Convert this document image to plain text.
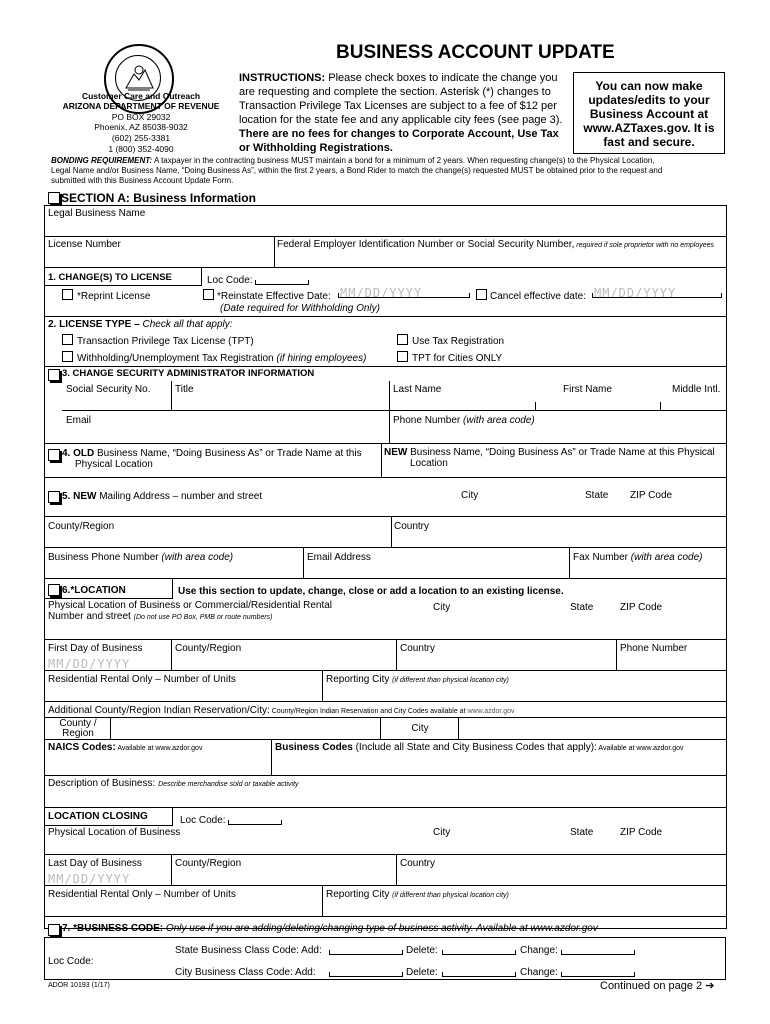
BUSINESS ACCOUNT UPDATE
Customer Care and Outreach
ARIZONA DEPARTMENT OF REVENUE
PO BOX 29032
Phoenix, AZ 85038-9032
(602) 255-3381
1 (800) 352-4090
INSTRUCTIONS: Please check boxes to indicate the change you
are requesting and complete the section. Asterisk (*) changes to
Transaction Privilege Tax Licenses are subject to a fee of $12 per
location for the state fee and any applicable city fees (see page 3).
There are no fees for changes to Corporate Account, Use Tax
or Withholding Registrations.
You can now make
updates/edits to your
Business Account at
www.AZTaxes.gov. It is
fast and secure.
BONDING REQUIREMENT: A taxpayer in the contracting business MUST maintain a bond for a minimum of 2 years. When requesting change(s) to the Physical Location,
Legal Name and/or Business Name, “Doing Business As”, within the first 2 years, a Bond Rider to match the change(s) requested MUST be obtained prior to the request and
submitted with this Business Account Update Form.
SECTION A: Business Information
Legal Business Name
License Number	Federal Employer Identification Number or Social Security Number, required if sole proprietor with no employees
1. CHANGE(S) TO LICENSE	Loc Code:
*Reprint License	*Reinstate Effective Date: MM/DD/YYYY
(Date required for Withholding Only)
Cancel effective date: MM/DD/YYYY
2. LICENSE TYPE – Check all that apply:
Transaction Privilege Tax License (TPT)	Use Tax Registration
Withholding/Unemployment Tax Registration (if hiring employees)	TPT for Cities ONLY
3. CHANGE SECURITY ADMINISTRATOR INFORMATION
Social Security No. Title	Last Name	First Name	Middle Intl.
Email	Phone Number (with area code)
4. OLD Business Name, “Doing Business As” or Trade Name at this
Physical Location
NEW Business Name, “Doing Business As” or Trade Name at this Physical
Location
5. NEW Mailing Address – number and street	City	State ZIP Code
County/Region	Country
Business Phone Number (with area code)	Email Address	Fax Number (with area code)
6.*LOCATION	Use this section to update, change, close or add a location to an existing license.
Physical Location of Business or Commercial/Residential Rental
Number and street (Do not use PO Box, PMB or route numbers)
City	State	ZIP Code
First Day of Business	County/Region	Country	Phone Number
MM/DD/YYYY
Residential Rental Only – Number of Units	Reporting City (if different than physical location city)
Additional County/Region Indian Reservation/City: County/Region Indian Reservation and City Codes available at www.azdor.gov
County /
Region	City
NAICS Codes: Available at www.azdor.gov	Business Codes (Include all State and City Business Codes that apply): Available at www.azdor.gov
Description of Business: Describe merchandise sold or taxable activity
LOCATION CLOSING	Loc Code:
Physical Location of Business	City	State	ZIP Code
Last Day of Business	County/Region	Country
MM/DD/YYYY
Residential Rental Only – Number of Units	Reporting City (if different than physical location city)
7. *BUSINESS CODE: Only use if you are adding/deleting/changing type of business activity. Available at www.azdor.gov
State Business Class Code: Add:	Delete:	Change:
Loc Code:
City Business Class Code: Add:	Delete:	Change:
ADOR 10193 (1/17)	Continued on page 2 ➔
